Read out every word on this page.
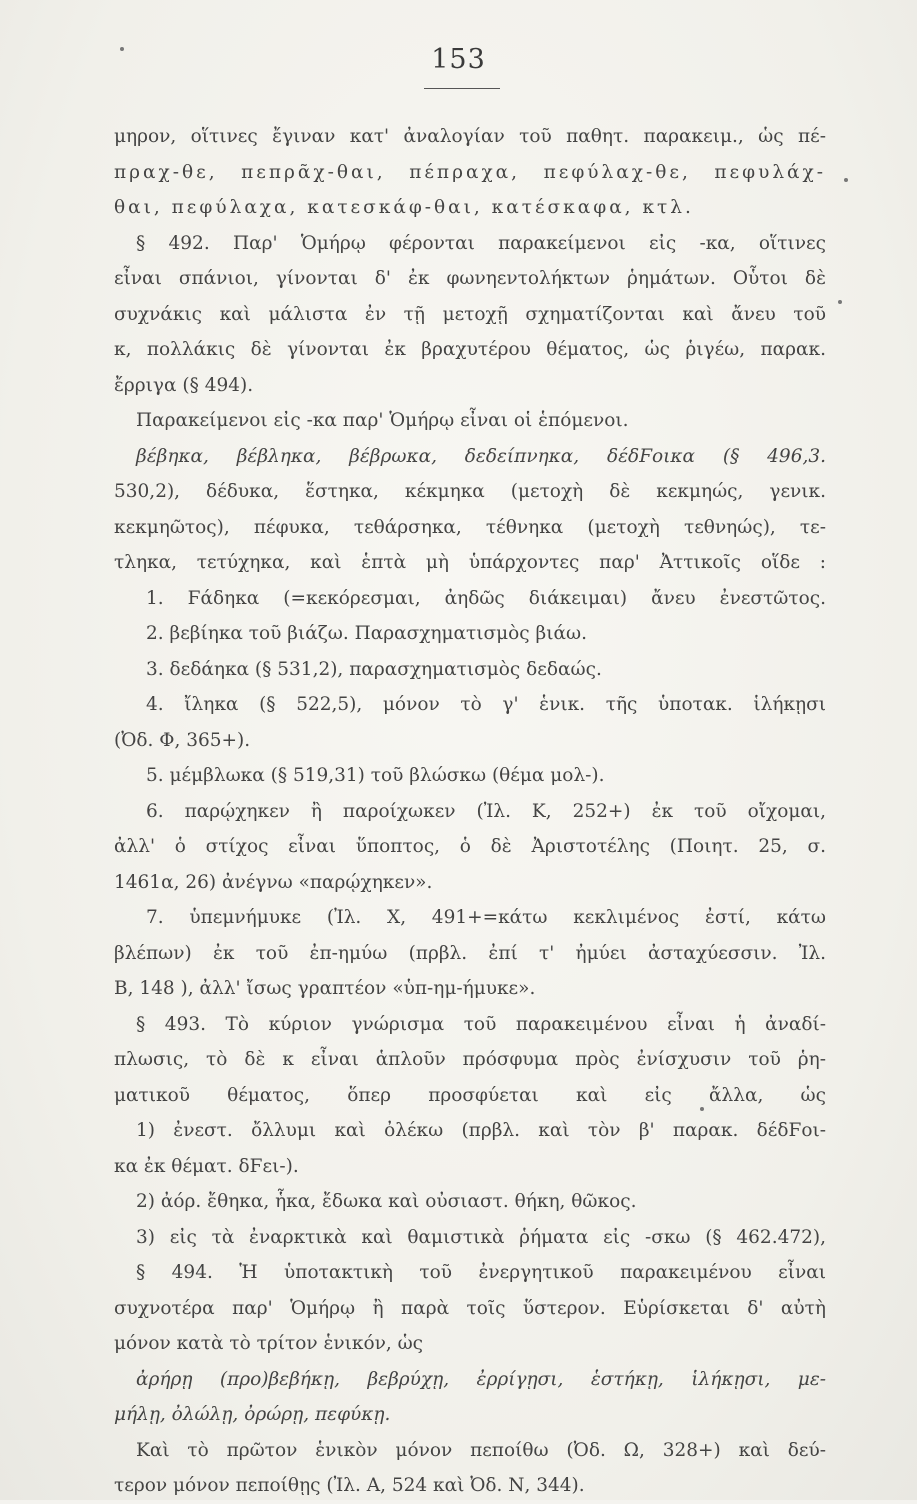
153
μηρον, οἵτινες ἔγιναν κατ' ἀναλογίαν τοῦ παθητ. παρακειμ., ὡς πέ-
πραχ-θε, πεπρᾶχ-θαι, πέπραχα, πεφύλαχ-θε, πεφυλάχ-
θαι, πεφύλαχα, κατεσκάφ-θαι, κατέσκαφα, κτλ.
§ 492. Παρ' Ὁμήρῳ φέρονται παρακείμενοι εἰς -κα, οἵτινες
εἶναι σπάνιοι, γίνονται δ' ἐκ φωνηεντολήκτων ῥημάτων. Οὗτοι δὲ
συχνάκις καὶ μάλιστα ἐν τῇ μετοχῇ σχηματίζονται καὶ ἄνευ τοῦ
κ, πολλάκις δὲ γίνονται ἐκ βραχυτέρου θέματος, ὡς ῥιγέω, παρακ.
ἔρριγα (§ 494).
Παρακείμενοι εἰς -κα παρ' Ὁμήρῳ εἶναι οἱ ἑπόμενοι.
βέβηκα, βέβληκα, βέβρωκα, δεδείπνηκα, δέδϜοικα (§ 496,3.
530,2), δέδυκα, ἕστηκα, κέκμηκα (μετοχὴ δὲ κεκμηώς, γενικ.
κεκμηῶτος), πέφυκα, τεθάρσηκα, τέθνηκα (μετοχὴ τεθνηώς), τε-
τληκα, τετύχηκα, καὶ ἑπτὰ μὴ ὑπάρχοντες παρ' Ἀττικοῖς οἵδε :
1. Ϝάδηκα (=κεκόρεσμαι, ἀηδῶς διάκειμαι) ἄνευ ἐνεστῶτος.
2. βεβίηκα τοῦ βιάζω. Παρασχηματισμὸς βιάω.
3. δεδάηκα (§ 531,2), παρασχηματισμὸς δεδαώς.
4. ἴληκα (§ 522,5), μόνον τὸ γ' ἑνικ. τῆς ὑποτακ. ἱλήκῃσι
(Ὀδ. Φ, 365+).
5. μέμβλωκα (§ 519,31) τοῦ βλώσκω (θέμα μολ-).
6. παρῴχηκεν ἢ παροίχωκεν (Ἰλ. Κ, 252+) ἐκ τοῦ οἴχομαι,
ἀλλ' ὁ στίχος εἶναι ὕποπτος, ὁ δὲ Ἀριστοτέλης (Ποιητ. 25, σ.
1461α, 26) ἀνέγνω «παρῴχηκεν».
7. ὑπεμνήμυκε (Ἰλ. Χ, 491+=κάτω κεκλιμένος ἐστί, κάτω
βλέπων) ἐκ τοῦ ἐπ-ημύω (πρβλ. ἐπί τ' ἠμύει ἀσταχύεσσιν. Ἰλ.
Β, 148 ), ἀλλ' ἴσως γραπτέον «ὑπ-ημ-ήμυκε».
§ 493. Τὸ κύριον γνώρισμα τοῦ παρακειμένου εἶναι ἡ ἀναδί-
πλωσις, τὸ δὲ κ εἶναι ἁπλοῦν πρόσφυμα πρὸς ἐνίσχυσιν τοῦ ῥη-
ματικοῦ θέματος, ὅπερ προσφύεται καὶ εἰς ἄλλα, ὡς
1) ἐνεστ. ὄλλυμι καὶ ὀλέκω (πρβλ. καὶ τὸν β' παρακ. δέδϜοι-
κα ἐκ θέματ. δϜει-).
2) ἀόρ. ἔθηκα, ἧκα, ἔδωκα καὶ οὐσιαστ. θήκη, θῶκος.
3) εἰς τὰ ἐναρκτικὰ καὶ θαμιστικὰ ῥήματα εἰς -σκω (§ 462.472),
§ 494. Ἡ ὑποτακτικὴ τοῦ ἐνεργητικοῦ παρακειμένου εἶναι
συχνοτέρα παρ' Ὁμήρῳ ἢ παρὰ τοῖς ὕστερον. Εὑρίσκεται δ' αὐτὴ
μόνον κατὰ τὸ τρίτον ἑνικόν, ὡς
ἀρήρῃ (προ)βεβήκῃ, βεβρύχῃ, ἐρρίγῃσι, ἑστήκῃ, ἱλήκῃσι, με-
μήλῃ, ὀλώλῃ, ὀρώρῃ, πεφύκῃ.
Καὶ τὸ πρῶτον ἑνικὸν μόνον πεποίθω (Ὀδ. Ω, 328+) καὶ δεύ-
τερον μόνον πεποίθῃς (Ἰλ. Α, 524 καὶ Ὀδ. Ν, 344).
